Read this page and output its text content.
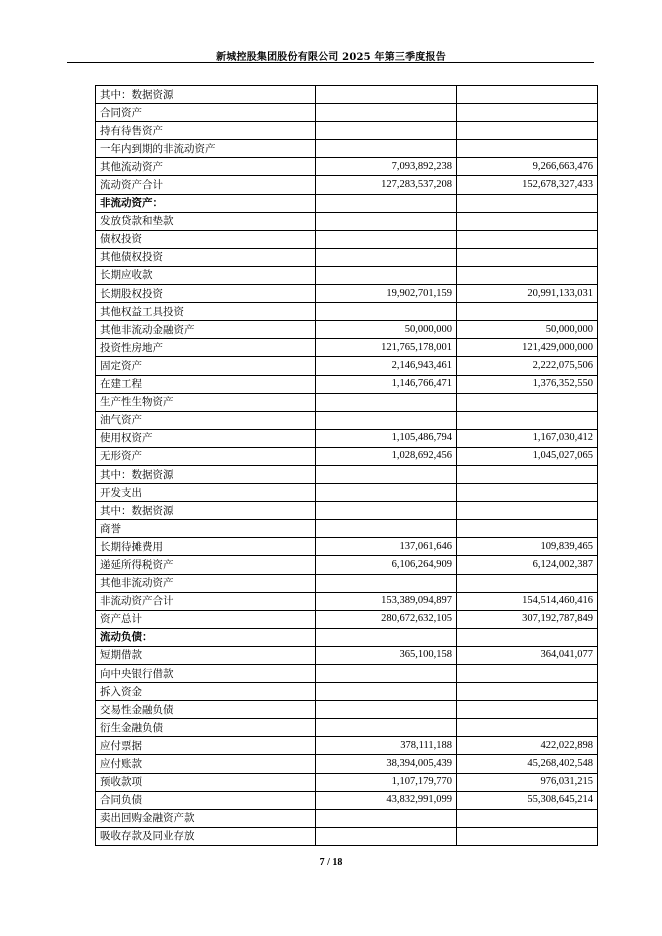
新城控股集团股份有限公司 2025 年第三季度报告
其中：数据资源		
合同资产		
持有待售资产		
一年内到期的非流动资产		
其他流动资产	7,093,892,238	9,266,663,476
流动资产合计	127,283,537,208	152,678,327,433
非流动资产：		
发放贷款和垫款		
债权投资		
其他债权投资		
长期应收款		
长期股权投资	19,902,701,159	20,991,133,031
其他权益工具投资		
其他非流动金融资产	50,000,000	50,000,000
投资性房地产	121,765,178,001	121,429,000,000
固定资产	2,146,943,461	2,222,075,506
在建工程	1,146,766,471	1,376,352,550
生产性生物资产		
油气资产		
使用权资产	1,105,486,794	1,167,030,412
无形资产	1,028,692,456	1,045,027,065
其中：数据资源		
开发支出		
其中：数据资源		
商誉		
长期待摊费用	137,061,646	109,839,465
递延所得税资产	6,106,264,909	6,124,002,387
其他非流动资产		
非流动资产合计	153,389,094,897	154,514,460,416
资产总计	280,672,632,105	307,192,787,849
流动负债：		
短期借款	365,100,158	364,041,077
向中央银行借款		
拆入资金		
交易性金融负债		
衍生金融负债		
应付票据	378,111,188	422,022,898
应付账款	38,394,005,439	45,268,402,548
预收款项	1,107,179,770	976,031,215
合同负债	43,832,991,099	55,308,645,214
卖出回购金融资产款		
吸收存款及同业存放		
7 / 18
